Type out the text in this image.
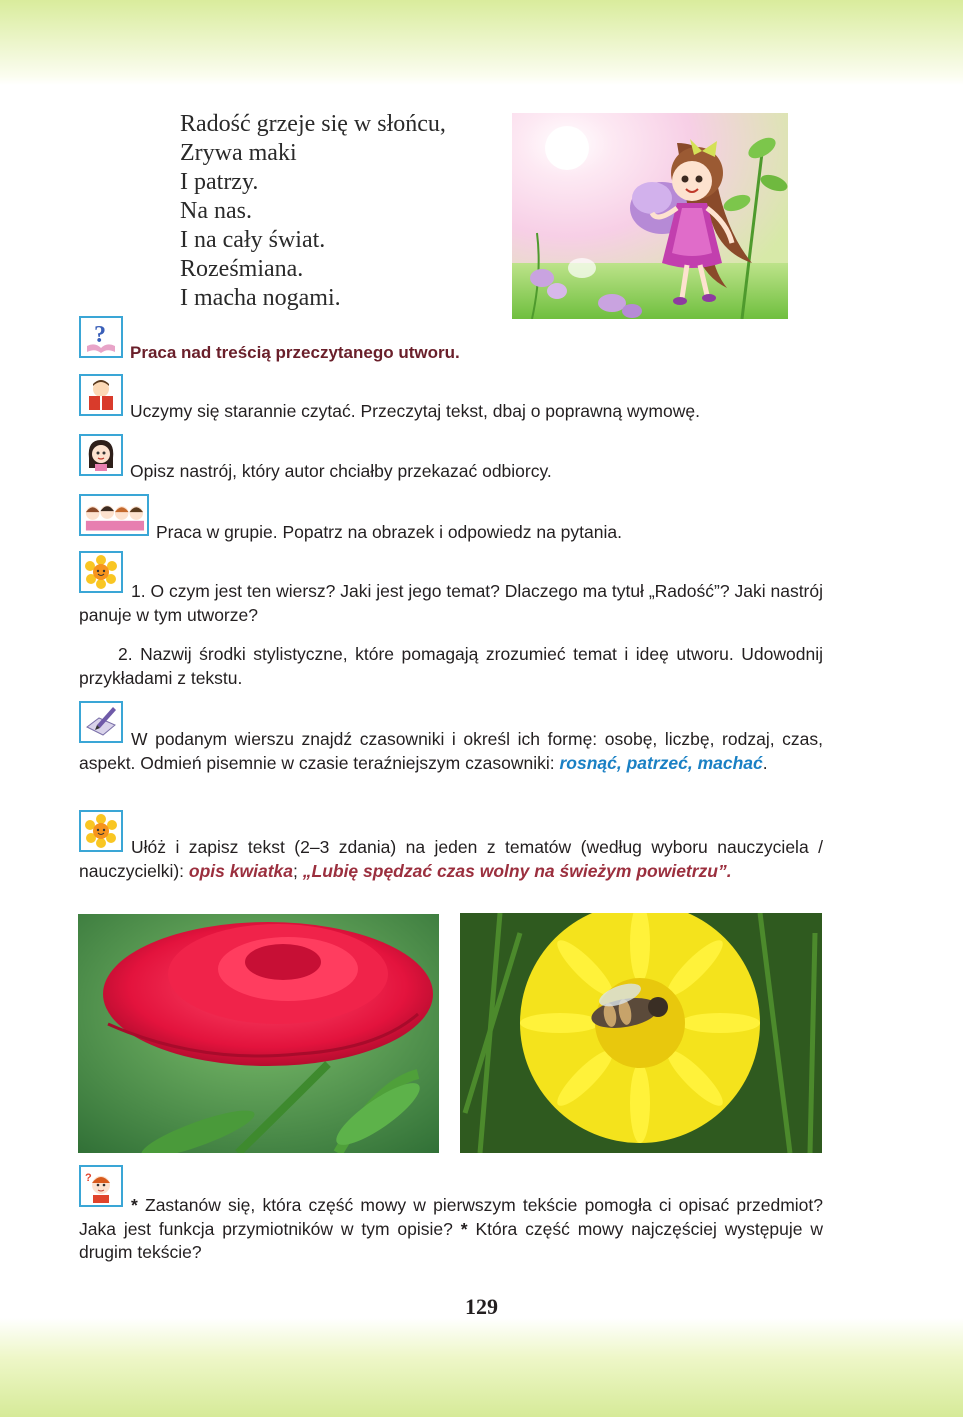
Radość grzeje się w słońcu,
Zrywa maki
I patrzy.
Na nas.
I na cały świat.
Roześmiana.
I macha nogami.
?
Praca nad treścią przeczytanego utworu.
Uczymy się starannie czytać. Przeczytaj tekst, dbaj o poprawną wymowę.
Opisz nastrój, który autor chciałby przekazać odbiorcy.
Praca w grupie. Popatrz na obrazek i odpowiedz na pytania.
1. O czym jest ten wiersz? Jaki jest jego temat? Dlaczego ma tytuł „Radość”? Jaki nastrój panuje w tym utworze?
2. Nazwij środki stylistyczne, które pomagają zrozumieć temat i ideę utworu. Udowodnij przykładami z tekstu.
W podanym wierszu znajdź czasowniki i określ ich formę: osobę, liczbę, rodzaj, czas, aspekt. Odmień pisemnie w czasie teraźniejszym czasowniki: rosnąć, patrzeć, machać.
Ułóż i zapisz tekst (2–3 zdania) na jeden z tematów (według wyboru nauczyciela / nauczycielki): opis kwiatka; „Lubię spędzać czas wolny na świeżym powietrzu”.
?
* Zastanów się, która część mowy w pierwszym tekście pomogła ci opisać przedmiot? Jaka jest funkcja przymiotników w tym opisie? * Która część mowy najczęściej występuje w drugim tekście?
129
